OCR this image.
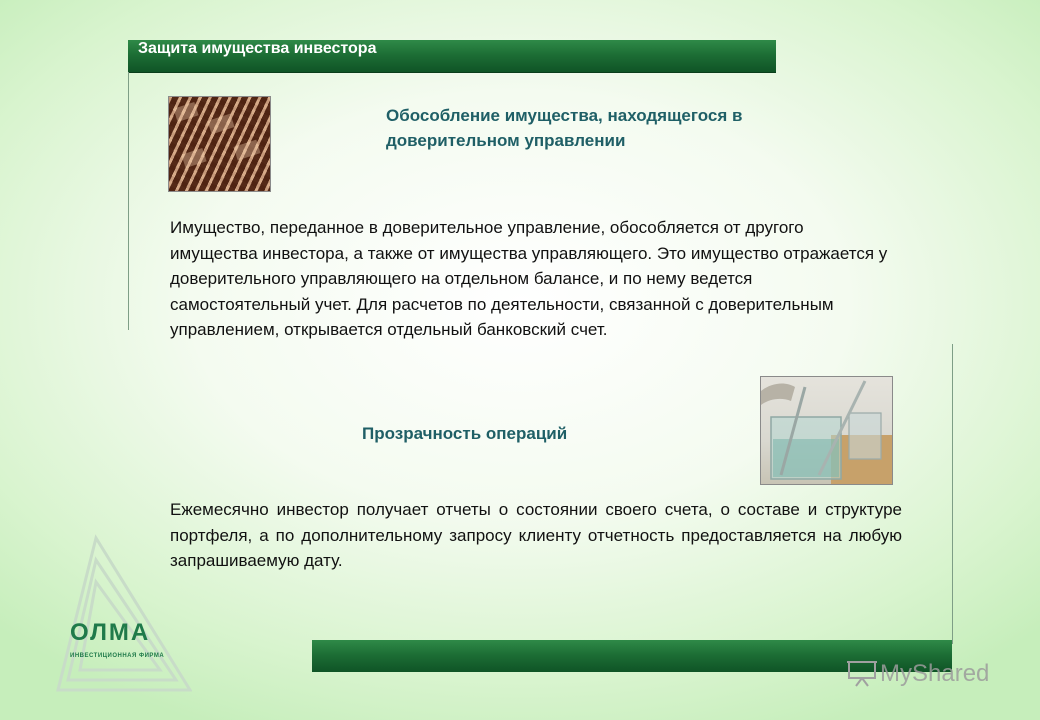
Защита имущества инвестора
Обособление имущества, находящегося в доверительном управлении
Имущество, переданное в доверительное управление, обособляется от другого имущества инвестора, а также от имущества управляющего. Это имущество отражается у доверительного управляющего на отдельном балансе, и по нему ведется самостоятельный учет. Для расчетов по деятельности, связанной с доверительным управлением, открывается отдельный банковский счет.
Прозрачность операций
Ежемесячно инвестор получает отчеты о состоянии своего счета, о составе и структуре портфеля, а по дополнительному запросу клиенту отчетность предоставляется на любую запрашиваемую дату.
ОЛМА
ИНВЕСТИЦИОННАЯ ФИРМА
MyShared
